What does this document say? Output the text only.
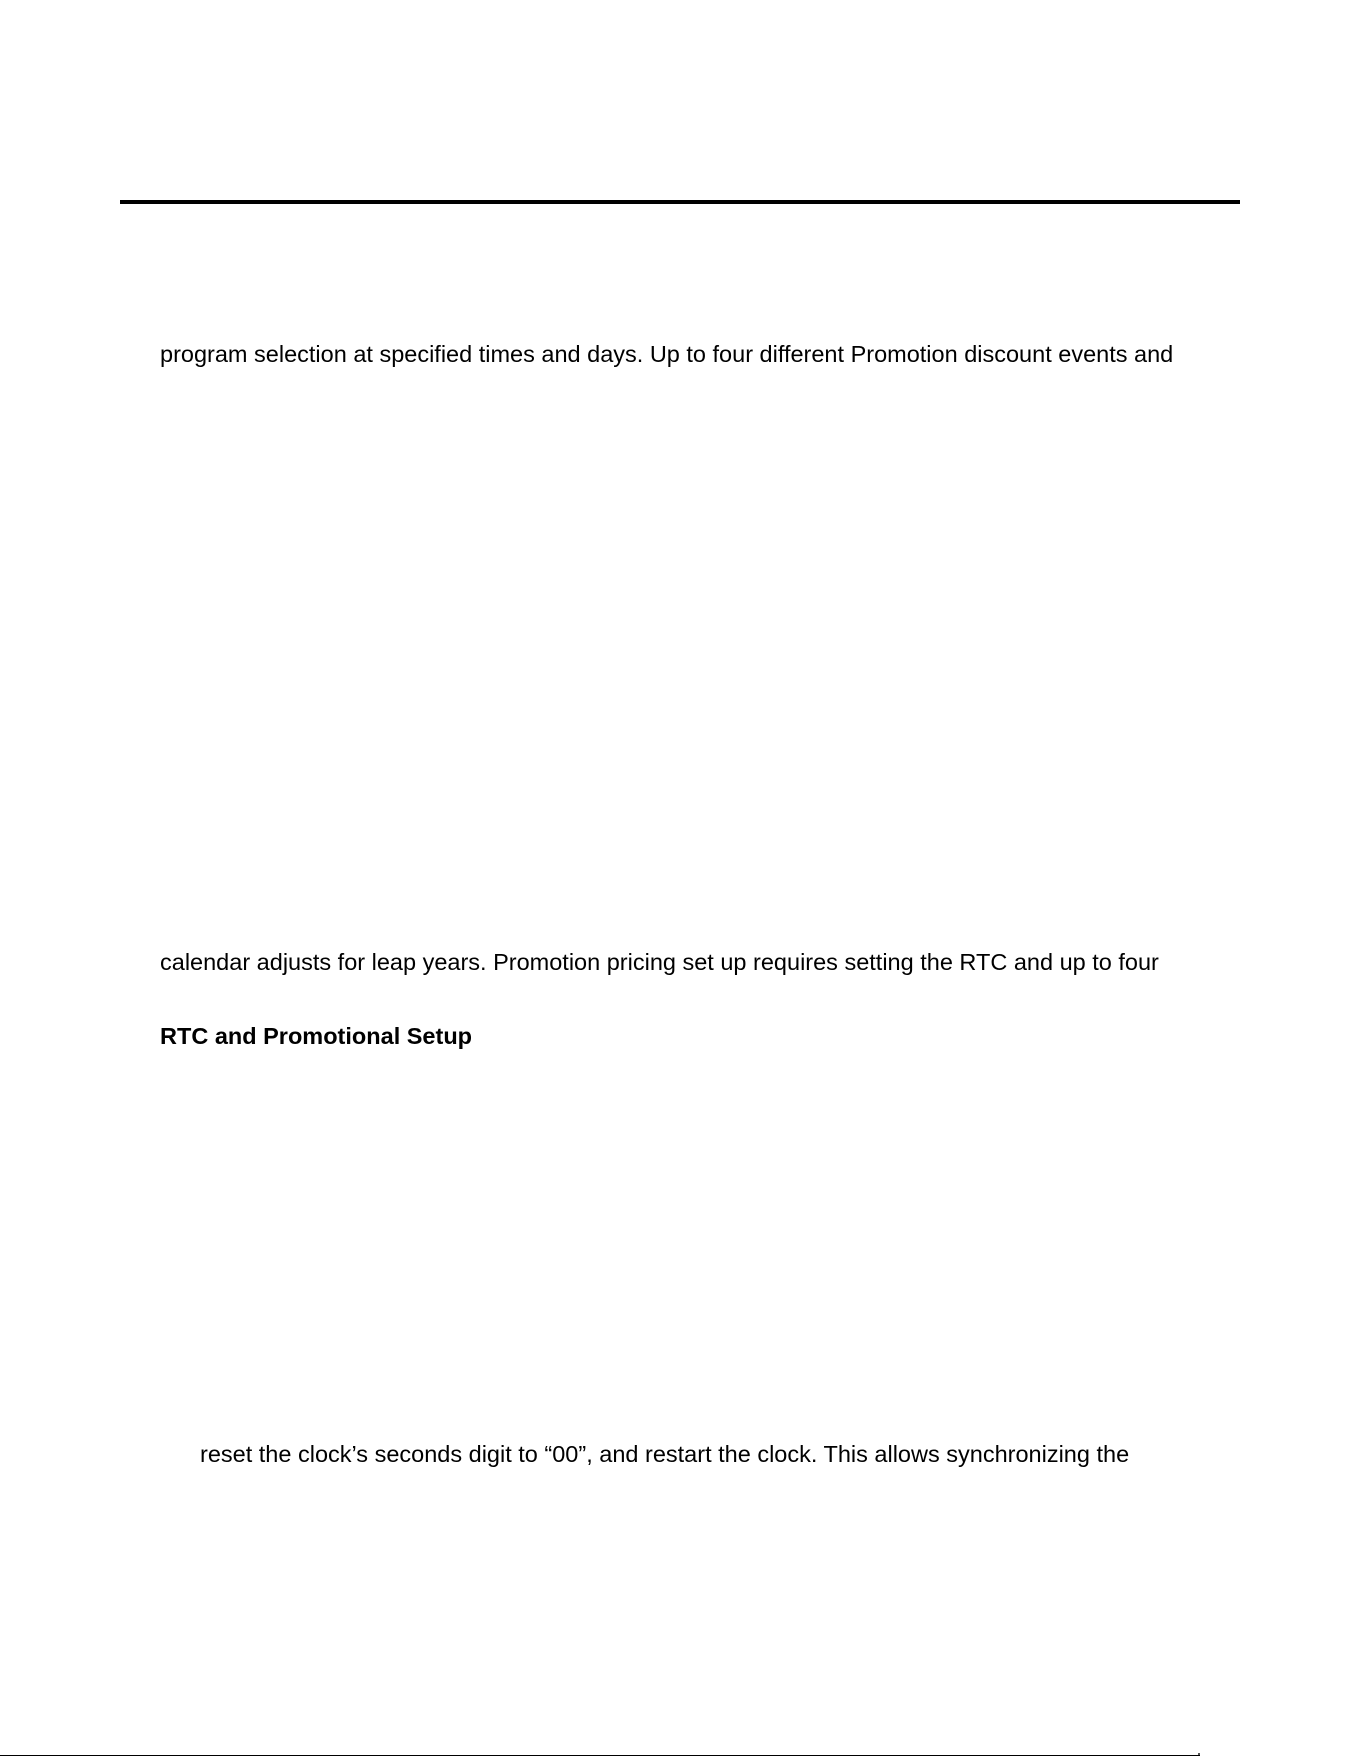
program selection at specified times and days. Up to four different Promotion discount events and

calendar adjusts for leap years. Promotion pricing set up requires setting the RTC and up to four

RTC and Promotional Setup

reset the clock’s seconds digit to “00”, and restart the clock. This allows synchronizing the
